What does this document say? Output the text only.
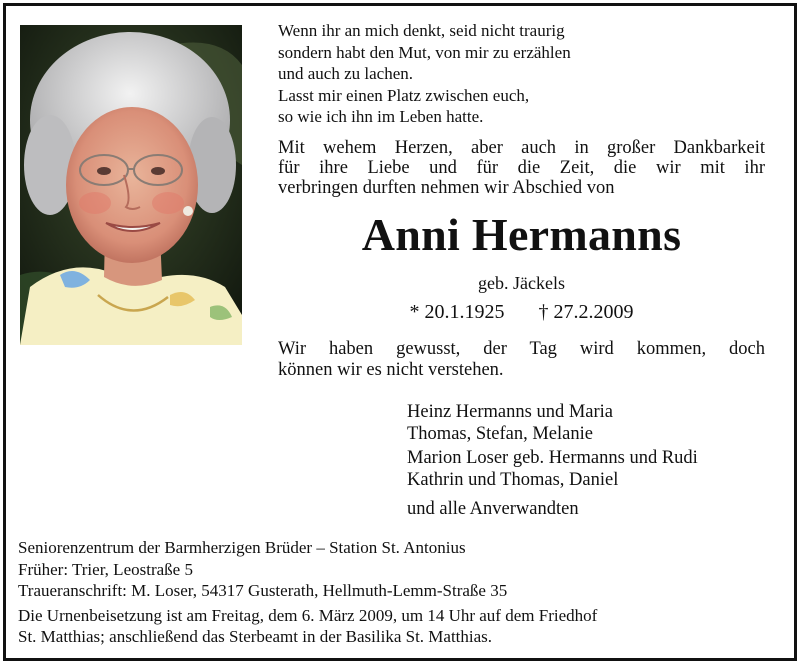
Wenn ihr an mich denkt, seid nicht traurig
sondern habt den Mut, von mir zu erzählen
und auch zu lachen.
Lasst mir einen Platz zwischen euch,
so wie ich ihn im Leben hatte.
Mit wehem Herzen, aber auch in großer Dankbarkeit
für ihre Liebe und für die Zeit, die wir mit ihr
verbringen durften nehmen wir Abschied von
Anni Hermanns
geb. Jäckels
* 20.1.1925 † 27.2.2009
Wir haben gewusst, der Tag wird kommen, doch
können wir es nicht verstehen.
Heinz Hermanns und Maria
Thomas, Stefan, Melanie
Marion Loser geb. Hermanns und Rudi
Kathrin und Thomas, Daniel
und alle Anverwandten
Seniorenzentrum der Barmherzigen Brüder – Station St. Antonius
Früher: Trier, Leostraße 5
Traueranschrift: M. Loser, 54317 Gusterath, Hellmuth-Lemm-Straße 35
Die Urnenbeisetzung ist am Freitag, dem 6. März 2009, um 14 Uhr auf dem Friedhof
St. Matthias; anschließend das Sterbeamt in der Basilika St. Matthias.
